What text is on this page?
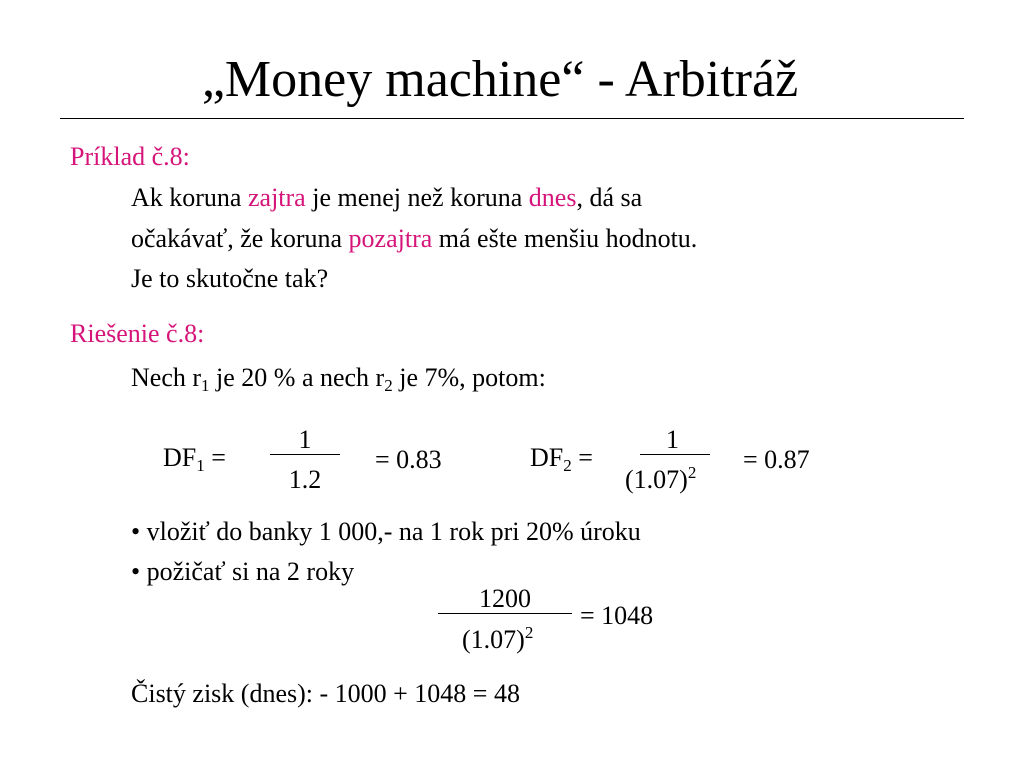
„Money machine“ - Arbitráž
Príklad č.8:
Ak koruna zajtra je menej než koruna dnes, dá sa
očakávať, že koruna pozajtra má ešte menšiu hodnotu.
Je to skutočne tak?
Riešenie č.8:
Nech $r_1$ je 20 % a nech $r_2$ je 7%, potom:
$DF_1$ =
1
1.2
= 0.83	$DF_2$ =
1
$(1.07)^2 = 0.87$
• vložiť do banky 1 000,- na 1 rok pri 20% úroku
• požičať si na 2 roky
1200
$(1.07)^2$
= 1048
Čistý zisk (dnes): - 1000 + 1048 = 48
